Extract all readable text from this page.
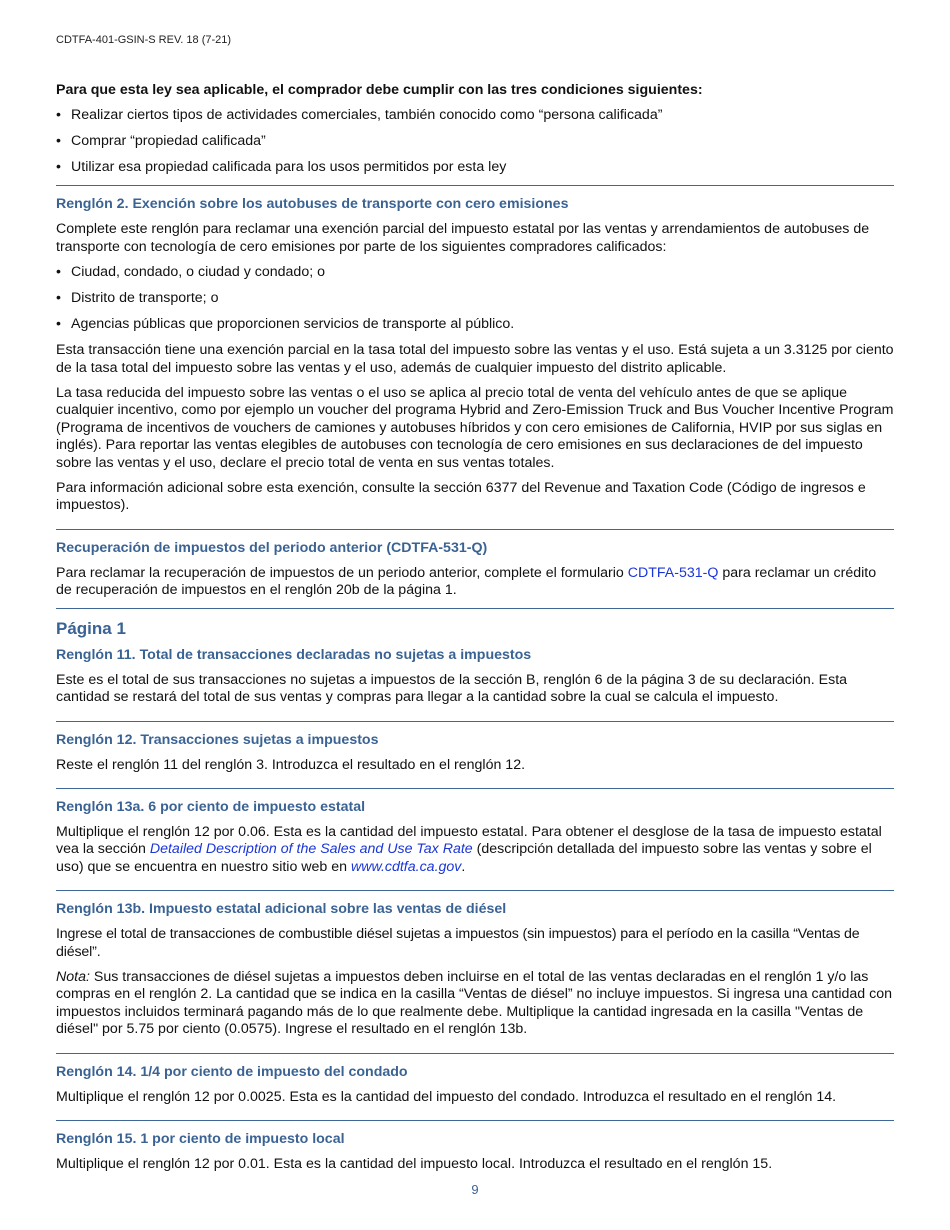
CDTFA-401-GSIN-S REV. 18 (7-21)

Para que esta ley sea aplicable, el comprador debe cumplir con las tres condiciones siguientes:

• Realizar ciertos tipos de actividades comerciales, también conocido como “persona calificada”
• Comprar “propiedad calificada”
• Utilizar esa propiedad calificada para los usos permitidos por esta ley
Renglón 2. Exención sobre los autobuses de transporte con cero emisiones

Complete este renglón para reclamar una exención parcial del impuesto estatal por las ventas y arrendamientos de autobuses de transporte con tecnología de cero emisiones por parte de los siguientes compradores calificados:

• Ciudad, condado, o ciudad y condado; o
• Distrito de transporte; o
• Agencias públicas que proporcionen servicios de transporte al público.

Esta transacción tiene una exención parcial en la tasa total del impuesto sobre las ventas y el uso. Está sujeta a un 3.3125 por ciento de la tasa total del impuesto sobre las ventas y el uso, además de cualquier impuesto del distrito aplicable.

La tasa reducida del impuesto sobre las ventas o el uso se aplica al precio total de venta del vehículo antes de que se aplique cualquier incentivo, como por ejemplo un voucher del programa Hybrid and Zero-Emission Truck and Bus Voucher Incentive Program (Programa de incentivos de vouchers de camiones y autobuses híbridos y con cero emisiones de California, HVIP por sus siglas en inglés). Para reportar las ventas elegibles de autobuses con tecnología de cero emisiones en sus declaraciones de del impuesto sobre las ventas y el uso, declare el precio total de venta en sus ventas totales.

Para información adicional sobre esta exención, consulte la sección 6377 del Revenue and Taxation Code (Código de ingresos e impuestos).

Recuperación de impuestos del periodo anterior (CDTFA-531-Q)

Para reclamar la recuperación de impuestos de un periodo anterior, complete el formulario CDTFA-531-Q para reclamar un crédito de recuperación de impuestos en el renglón 20b de la página 1.

Página 1
Renglón 11. Total de transacciones declaradas no sujetas a impuestos

Este es el total de sus transacciones no sujetas a impuestos de la sección B, renglón 6 de la página 3 de su declaración. Esta cantidad se restará del total de sus ventas y compras para llegar a la cantidad sobre la cual se calcula el impuesto.

Renglón 12. Transacciones sujetas a impuestos

Reste el renglón 11 del renglón 3. Introduzca el resultado en el renglón 12.

Renglón 13a. 6 por ciento de impuesto estatal

Multiplique el renglón 12 por 0.06. Esta es la cantidad del impuesto estatal. Para obtener el desglose de la tasa de impuesto estatal vea la sección Detailed Description of the Sales and Use Tax Rate (descripción detallada del impuesto sobre las ventas y sobre el uso) que se encuentra en nuestro sitio web en www.cdtfa.ca.gov.

Renglón 13b. Impuesto estatal adicional sobre las ventas de diésel

Ingrese el total de transacciones de combustible diésel sujetas a impuestos (sin impuestos) para el período en la casilla “Ventas de diésel”.

Nota: Sus transacciones de diésel sujetas a impuestos deben incluirse en el total de las ventas declaradas en el renglón 1 y/o las compras en el renglón 2. La cantidad que se indica en la casilla “Ventas de diésel” no incluye impuestos. Si ingresa una cantidad con impuestos incluidos terminará pagando más de lo que realmente debe. Multiplique la cantidad ingresada en la casilla "Ventas de diésel" por 5.75 por ciento (0.0575). Ingrese el resultado en el renglón 13b.

Renglón 14. 1/4 por ciento de impuesto del condado

Multiplique el renglón 12 por 0.0025. Esta es la cantidad del impuesto del condado. Introduzca el resultado en el renglón 14.

Renglón 15. 1 por ciento de impuesto local

Multiplique el renglón 12 por 0.01. Esta es la cantidad del impuesto local. Introduzca el resultado en el renglón 15.

9
